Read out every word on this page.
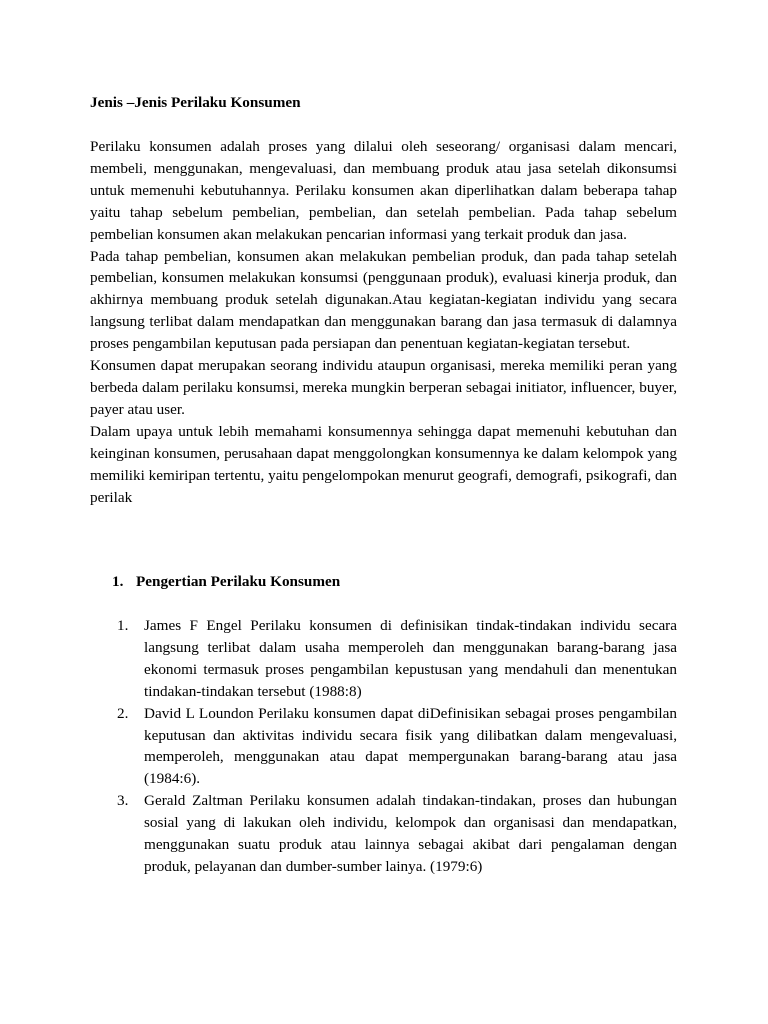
Jenis –Jenis Perilaku Konsumen

Perilaku konsumen adalah proses yang dilalui oleh seseorang/ organisasi dalam mencari, membeli, menggunakan, mengevaluasi, dan membuang produk atau jasa setelah dikonsumsi untuk memenuhi kebutuhannya. Perilaku konsumen akan diperlihatkan dalam beberapa tahap yaitu tahap sebelum pembelian, pembelian, dan setelah pembelian. Pada tahap sebelum pembelian konsumen akan melakukan pencarian informasi yang terkait produk dan jasa.

Pada tahap pembelian, konsumen akan melakukan pembelian produk, dan pada tahap setelah pembelian, konsumen melakukan konsumsi (penggunaan produk), evaluasi kinerja produk, dan akhirnya membuang produk setelah digunakan.Atau kegiatan-kegiatan individu yang secara langsung terlibat dalam mendapatkan dan menggunakan barang dan jasa termasuk di dalamnya proses pengambilan keputusan pada persiapan dan penentuan kegiatan-kegiatan tersebut.

Konsumen dapat merupakan seorang individu ataupun organisasi, mereka memiliki peran yang berbeda dalam perilaku konsumsi, mereka mungkin berperan sebagai initiator, influencer, buyer, payer atau user.

Dalam upaya untuk lebih memahami konsumennya sehingga dapat memenuhi kebutuhan dan keinginan konsumen, perusahaan dapat menggolongkan konsumennya ke dalam kelompok yang memiliki kemiripan tertentu, yaitu pengelompokan menurut geografi, demografi, psikografi, dan perilak

1. Pengertian Perilaku Konsumen
1. James F Engel Perilaku konsumen di definisikan tindak-tindakan individu secara langsung terlibat dalam usaha memperoleh dan menggunakan barang-barang jasa ekonomi termasuk proses pengambilan kepustusan yang mendahuli dan menentukan tindakan-tindakan tersebut (1988:8)
2. David L Loundon Perilaku konsumen dapat diDefinisikan sebagai proses pengambilan keputusan dan aktivitas individu secara fisik yang dilibatkan dalam mengevaluasi, memperoleh, menggunakan atau dapat mempergunakan barang-barang atau jasa (1984:6).
3. Gerald Zaltman Perilaku konsumen adalah tindakan-tindakan, proses dan hubungan sosial yang di lakukan oleh individu, kelompok dan organisasi dan mendapatkan, menggunakan suatu produk atau lainnya sebagai akibat dari pengalaman dengan produk, pelayanan dan dumber-sumber lainya. (1979:6)
